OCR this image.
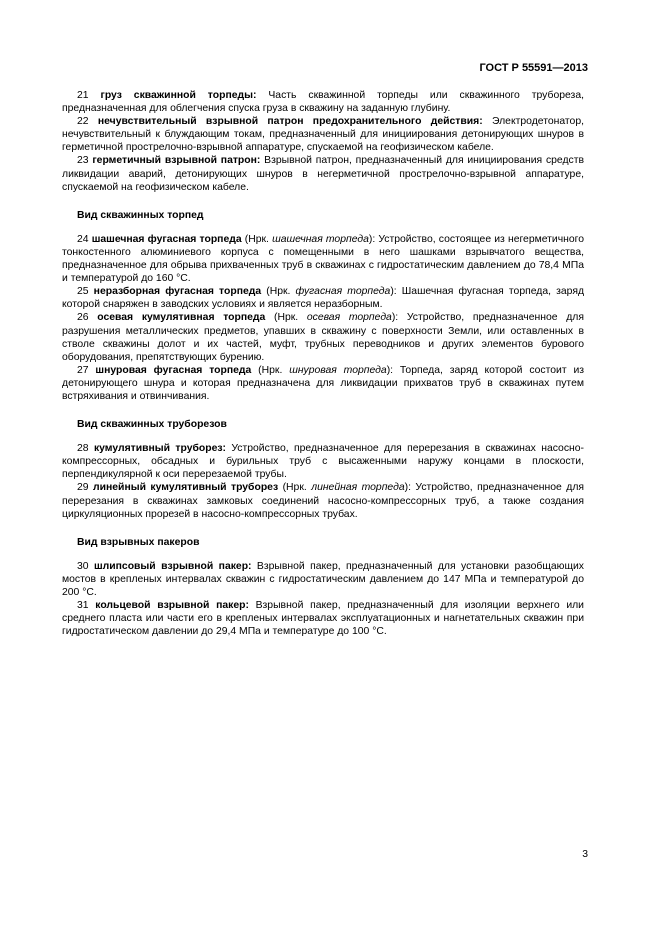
ГОСТ Р 55591—2013

21 груз скважинной торпеды: Часть скважинной торпеды или скважинного трубореза, предназначенная для облегчения спуска груза в скважину на заданную глубину.

22 нечувствительный взрывной патрон предохранительного действия: Электродетонатор, нечувствительный к блуждающим токам, предназначенный для инициирования детонирующих шнуров в герметичной прострелочно-взрывной аппаратуре, спускаемой на геофизическом кабеле.

23 герметичный взрывной патрон: Взрывной патрон, предназначенный для инициирования средств ликвидации аварий, детонирующих шнуров в негерметичной прострелочно-взрывной аппаратуре, спускаемой на геофизическом кабеле.

Вид скважинных торпед

24 шашечная фугасная торпеда (Нрк. шашечная торпеда): Устройство, состоящее из негерметичного тонкостенного алюминиевого корпуса с помещенными в него шашками взрывчатого вещества, предназначенное для обрыва прихваченных труб в скважинах с гидростатическим давлением до 78,4 МПа и температурой до 160 °С.

25 неразборная фугасная торпеда (Нрк. фугасная торпеда): Шашечная фугасная торпеда, заряд которой снаряжен в заводских условиях и является неразборным.

26 осевая кумулятивная торпеда (Нрк. осевая торпеда): Устройство, предназначенное для разрушения металлических предметов, упавших в скважину с поверхности Земли, или оставленных в стволе скважины долот и их частей, муфт, трубных переводников и других элементов бурового оборудования, препятствующих бурению.

27 шнуровая фугасная торпеда (Нрк. шнуровая торпеда): Торпеда, заряд которой состоит из детонирующего шнура и которая предназначена для ликвидации прихватов труб в скважинах путем встряхивания и отвинчивания.

Вид скважинных труборезов

28 кумулятивный труборез: Устройство, предназначенное для перерезания в скважинах насосно-компрессорных, обсадных и бурильных труб с высаженными наружу концами в плоскости, перпендикулярной к оси перерезаемой трубы.

29 линейный кумулятивный труборез (Нрк. линейная торпеда): Устройство, предназначенное для перерезания в скважинах замковых соединений насосно-компрессорных труб, а также создания циркуляционных прорезей в насосно-компрессорных трубах.

Вид взрывных пакеров

30 шлипсовый взрывной пакер: Взрывной пакер, предназначенный для установки разобщающих мостов в крепленых интервалах скважин с гидростатическим давлением до 147 МПа и температурой до 200 °С.

31 кольцевой взрывной пакер: Взрывной пакер, предназначенный для изоляции верхнего или среднего пласта или части его в крепленых интервалах эксплуатационных и нагнетательных скважин при гидростатическом давлении до 29,4 МПа и температуре до 100 °С.

3
